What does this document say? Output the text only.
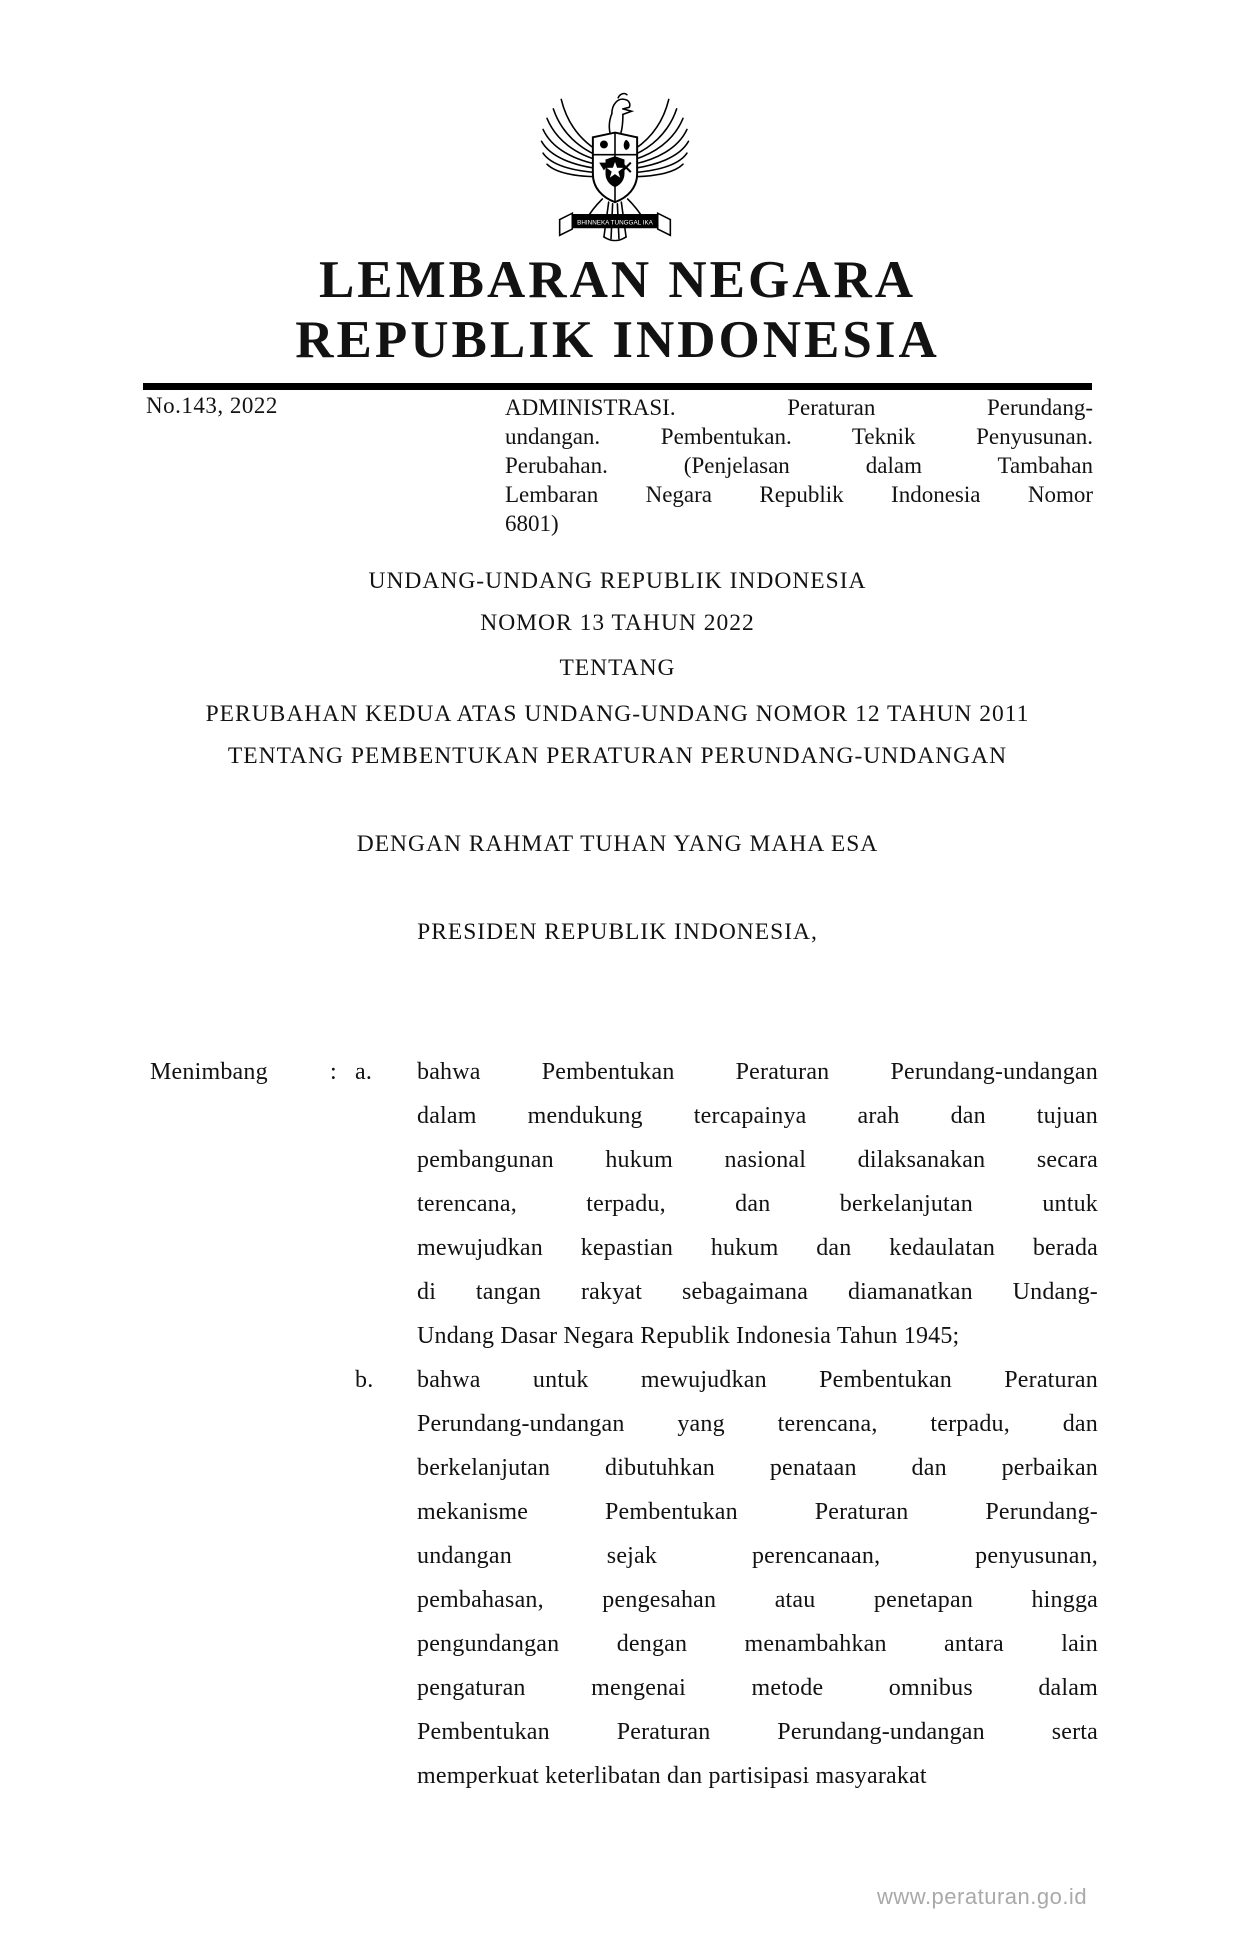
BHINNEKA TUNGGAL IKA
LEMBARAN NEGARA
REPUBLIK INDONESIA
No.143, 2022	ADMINISTRASI. Peraturan Perundang-
undangan. Pembentukan. Teknik Penyusunan.
Perubahan. (Penjelasan dalam Tambahan
Lembaran Negara Republik Indonesia Nomor
6801)
UNDANG-UNDANG REPUBLIK INDONESIA
NOMOR 13 TAHUN 2022
TENTANG
PERUBAHAN KEDUA ATAS UNDANG-UNDANG NOMOR 12 TAHUN 2011
TENTANG PEMBENTUKAN PERATURAN PERUNDANG-UNDANGAN
DENGAN RAHMAT TUHAN YANG MAHA ESA
PRESIDEN REPUBLIK INDONESIA,
Menimbang	: a. bahwa Pembentukan Peraturan Perundang-undangan
dalam mendukung tercapainya arah dan tujuan
pembangunan hukum nasional dilaksanakan secara
terencana, terpadu, dan berkelanjutan untuk
mewujudkan kepastian hukum dan kedaulatan berada
di tangan rakyat sebagaimana diamanatkan Undang-
Undang Dasar Negara Republik Indonesia Tahun 1945;
b. bahwa untuk mewujudkan Pembentukan Peraturan
Perundang-undangan yang terencana, terpadu, dan
berkelanjutan dibutuhkan penataan dan perbaikan
mekanisme Pembentukan Peraturan Perundang-
undangan sejak perencanaan, penyusunan,
pembahasan, pengesahan atau penetapan hingga
pengundangan dengan menambahkan antara lain
pengaturan mengenai metode omnibus dalam
Pembentukan Peraturan Perundang-undangan serta
memperkuat keterlibatan dan partisipasi masyarakat
www.peraturan.go.id
